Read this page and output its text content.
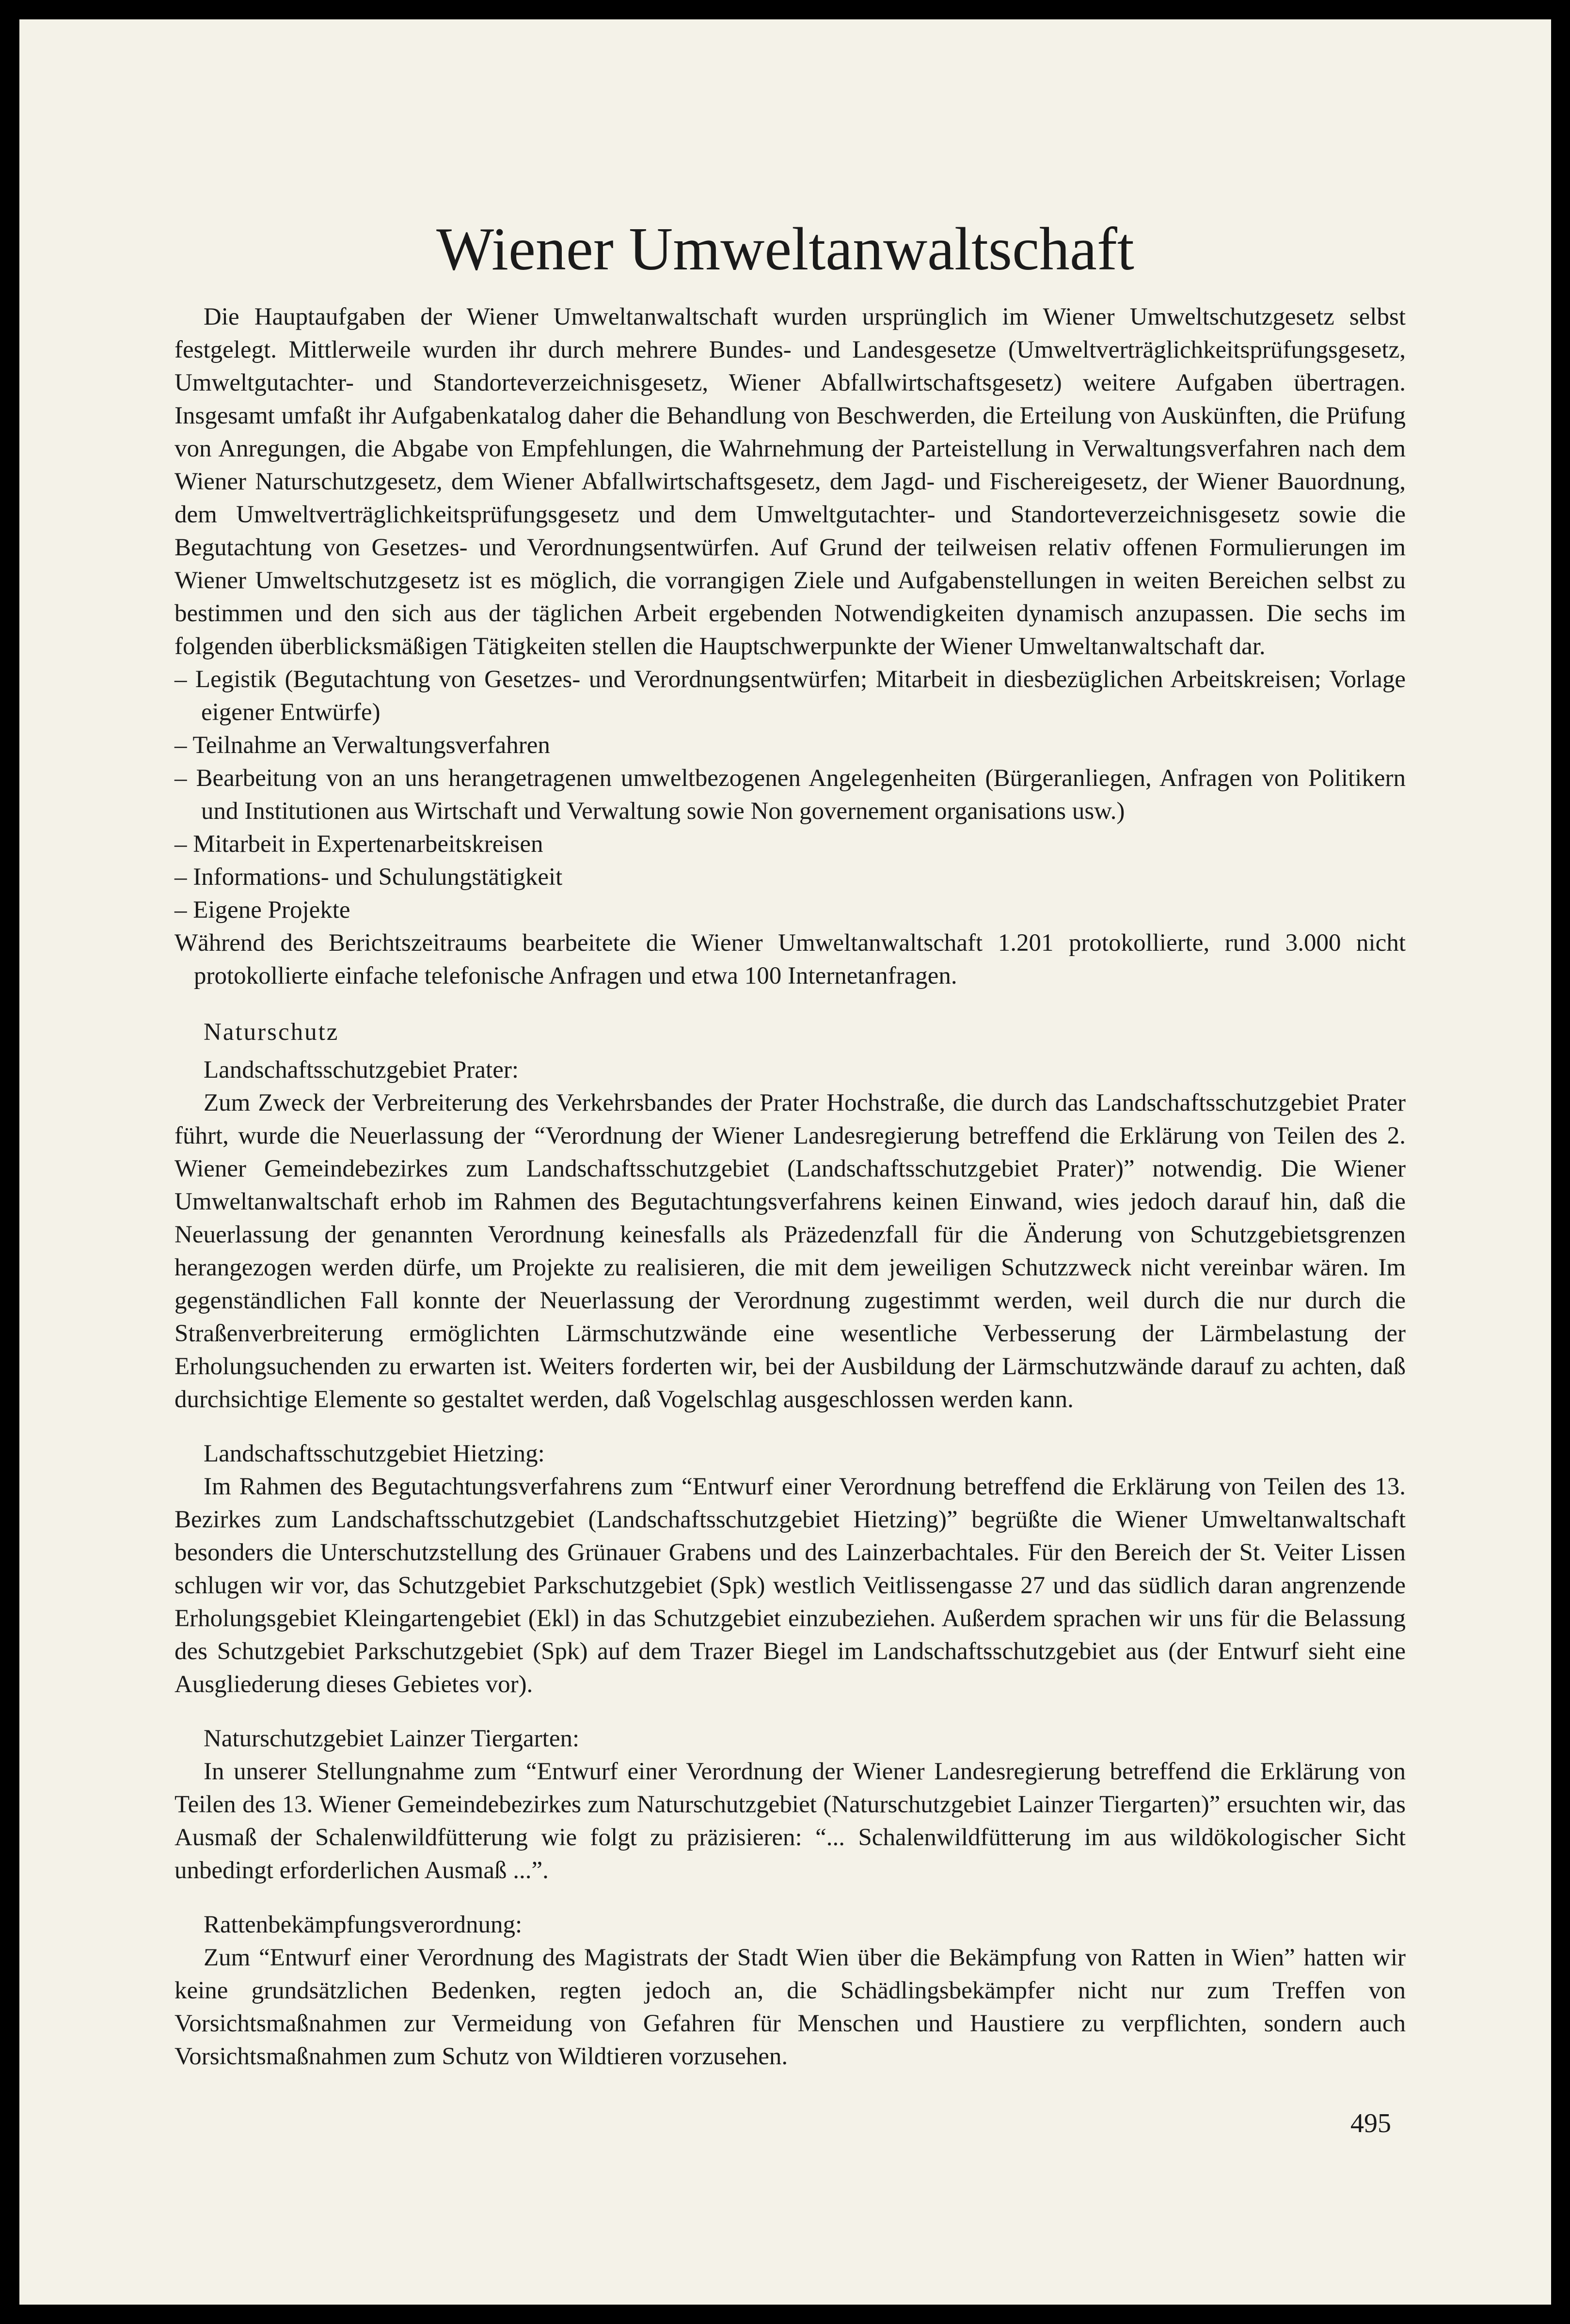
Wiener Umweltanwaltschaft

Die Hauptaufgaben der Wiener Umweltanwaltschaft wurden ursprünglich im Wiener Umweltschutzgesetz selbst festgelegt. Mittlerweile wurden ihr durch mehrere Bundes- und Landesgesetze (Umweltverträglichkeitsprüfungsgesetz, Umweltgutachter- und Standorteverzeichnisgesetz, Wiener Abfallwirtschaftsgesetz) weitere Aufgaben übertragen. Insgesamt umfaßt ihr Aufgabenkatalog daher die Behandlung von Beschwerden, die Erteilung von Auskünften, die Prüfung von Anregungen, die Abgabe von Empfehlungen, die Wahrnehmung der Parteistellung in Verwaltungsverfahren nach dem Wiener Naturschutzgesetz, dem Wiener Abfallwirtschaftsgesetz, dem Jagd- und Fischereigesetz, der Wiener Bauordnung, dem Umweltverträglichkeitsprüfungsgesetz und dem Umweltgutachter- und Standorteverzeichnisgesetz sowie die Begutachtung von Gesetzes- und Verordnungsentwürfen. Auf Grund der teilweisen relativ offenen Formulierungen im Wiener Umweltschutzgesetz ist es möglich, die vorrangigen Ziele und Aufgabenstellungen in weiten Bereichen selbst zu bestimmen und den sich aus der täglichen Arbeit ergebenden Notwendigkeiten dynamisch anzupassen. Die sechs im folgenden überblicksmäßigen Tätigkeiten stellen die Hauptschwerpunkte der Wiener Umweltanwaltschaft dar.

– Legistik (Begutachtung von Gesetzes- und Verordnungsentwürfen; Mitarbeit in diesbezüglichen Arbeitskreisen; Vorlage eigener Entwürfe)

– Teilnahme an Verwaltungsverfahren

– Bearbeitung von an uns herangetragenen umweltbezogenen Angelegenheiten (Bürgeranliegen, Anfragen von Politikern und Institutionen aus Wirtschaft und Verwaltung sowie Non governement organisations usw.)

– Mitarbeit in Expertenarbeitskreisen

– Informations- und Schulungstätigkeit

– Eigene Projekte

Während des Berichtszeitraums bearbeitete die Wiener Umweltanwaltschaft 1.201 protokollierte, rund 3.000 nicht protokollierte einfache telefonische Anfragen und etwa 100 Internetanfragen.

Naturschutz

Landschaftsschutzgebiet Prater:

Zum Zweck der Verbreiterung des Verkehrsbandes der Prater Hochstraße, die durch das Landschaftsschutzgebiet Prater führt, wurde die Neuerlassung der “Verordnung der Wiener Landesregierung betreffend die Erklärung von Teilen des 2. Wiener Gemeindebezirkes zum Landschaftsschutzgebiet (Landschaftsschutzgebiet Prater)” notwendig. Die Wiener Umweltanwaltschaft erhob im Rahmen des Begutachtungsverfahrens keinen Einwand, wies jedoch darauf hin, daß die Neuerlassung der genannten Verordnung keinesfalls als Präzedenzfall für die Änderung von Schutzgebietsgrenzen herangezogen werden dürfe, um Projekte zu realisieren, die mit dem jeweiligen Schutzzweck nicht vereinbar wären. Im gegenständlichen Fall konnte der Neuerlassung der Verordnung zugestimmt werden, weil durch die nur durch die Straßenverbreiterung ermöglichten Lärmschutzwände eine wesentliche Verbesserung der Lärmbelastung der Erholungsuchenden zu erwarten ist. Weiters forderten wir, bei der Ausbildung der Lärmschutzwände darauf zu achten, daß durchsichtige Elemente so gestaltet werden, daß Vogelschlag ausgeschlossen werden kann.

Landschaftsschutzgebiet Hietzing:

Im Rahmen des Begutachtungsverfahrens zum “Entwurf einer Verordnung betreffend die Erklärung von Teilen des 13. Bezirkes zum Landschaftsschutzgebiet (Landschaftsschutzgebiet Hietzing)” begrüßte die Wiener Umweltanwaltschaft besonders die Unterschutzstellung des Grünauer Grabens und des Lainzerbachtales. Für den Bereich der St. Veiter Lissen schlugen wir vor, das Schutzgebiet Parkschutzgebiet (Spk) westlich Veitlissengasse 27 und das südlich daran angrenzende Erholungsgebiet Kleingartengebiet (Ekl) in das Schutzgebiet einzubeziehen. Außerdem sprachen wir uns für die Belassung des Schutzgebiet Parkschutzgebiet (Spk) auf dem Trazer Biegel im Landschaftsschutzgebiet aus (der Entwurf sieht eine Ausgliederung dieses Gebietes vor).

Naturschutzgebiet Lainzer Tiergarten:

In unserer Stellungnahme zum “Entwurf einer Verordnung der Wiener Landesregierung betreffend die Erklärung von Teilen des 13. Wiener Gemeindebezirkes zum Naturschutzgebiet (Naturschutzgebiet Lainzer Tiergarten)” ersuchten wir, das Ausmaß der Schalenwildfütterung wie folgt zu präzisieren: “... Schalenwildfütterung im aus wildökologischer Sicht unbedingt erforderlichen Ausmaß ...”.

Rattenbekämpfungsverordnung:

Zum “Entwurf einer Verordnung des Magistrats der Stadt Wien über die Bekämpfung von Ratten in Wien” hatten wir keine grundsätzlichen Bedenken, regten jedoch an, die Schädlingsbekämpfer nicht nur zum Treffen von Vorsichtsmaßnahmen zur Vermeidung von Gefahren für Menschen und Haustiere zu verpflichten, sondern auch Vorsichtsmaßnahmen zum Schutz von Wildtieren vorzusehen.

495
